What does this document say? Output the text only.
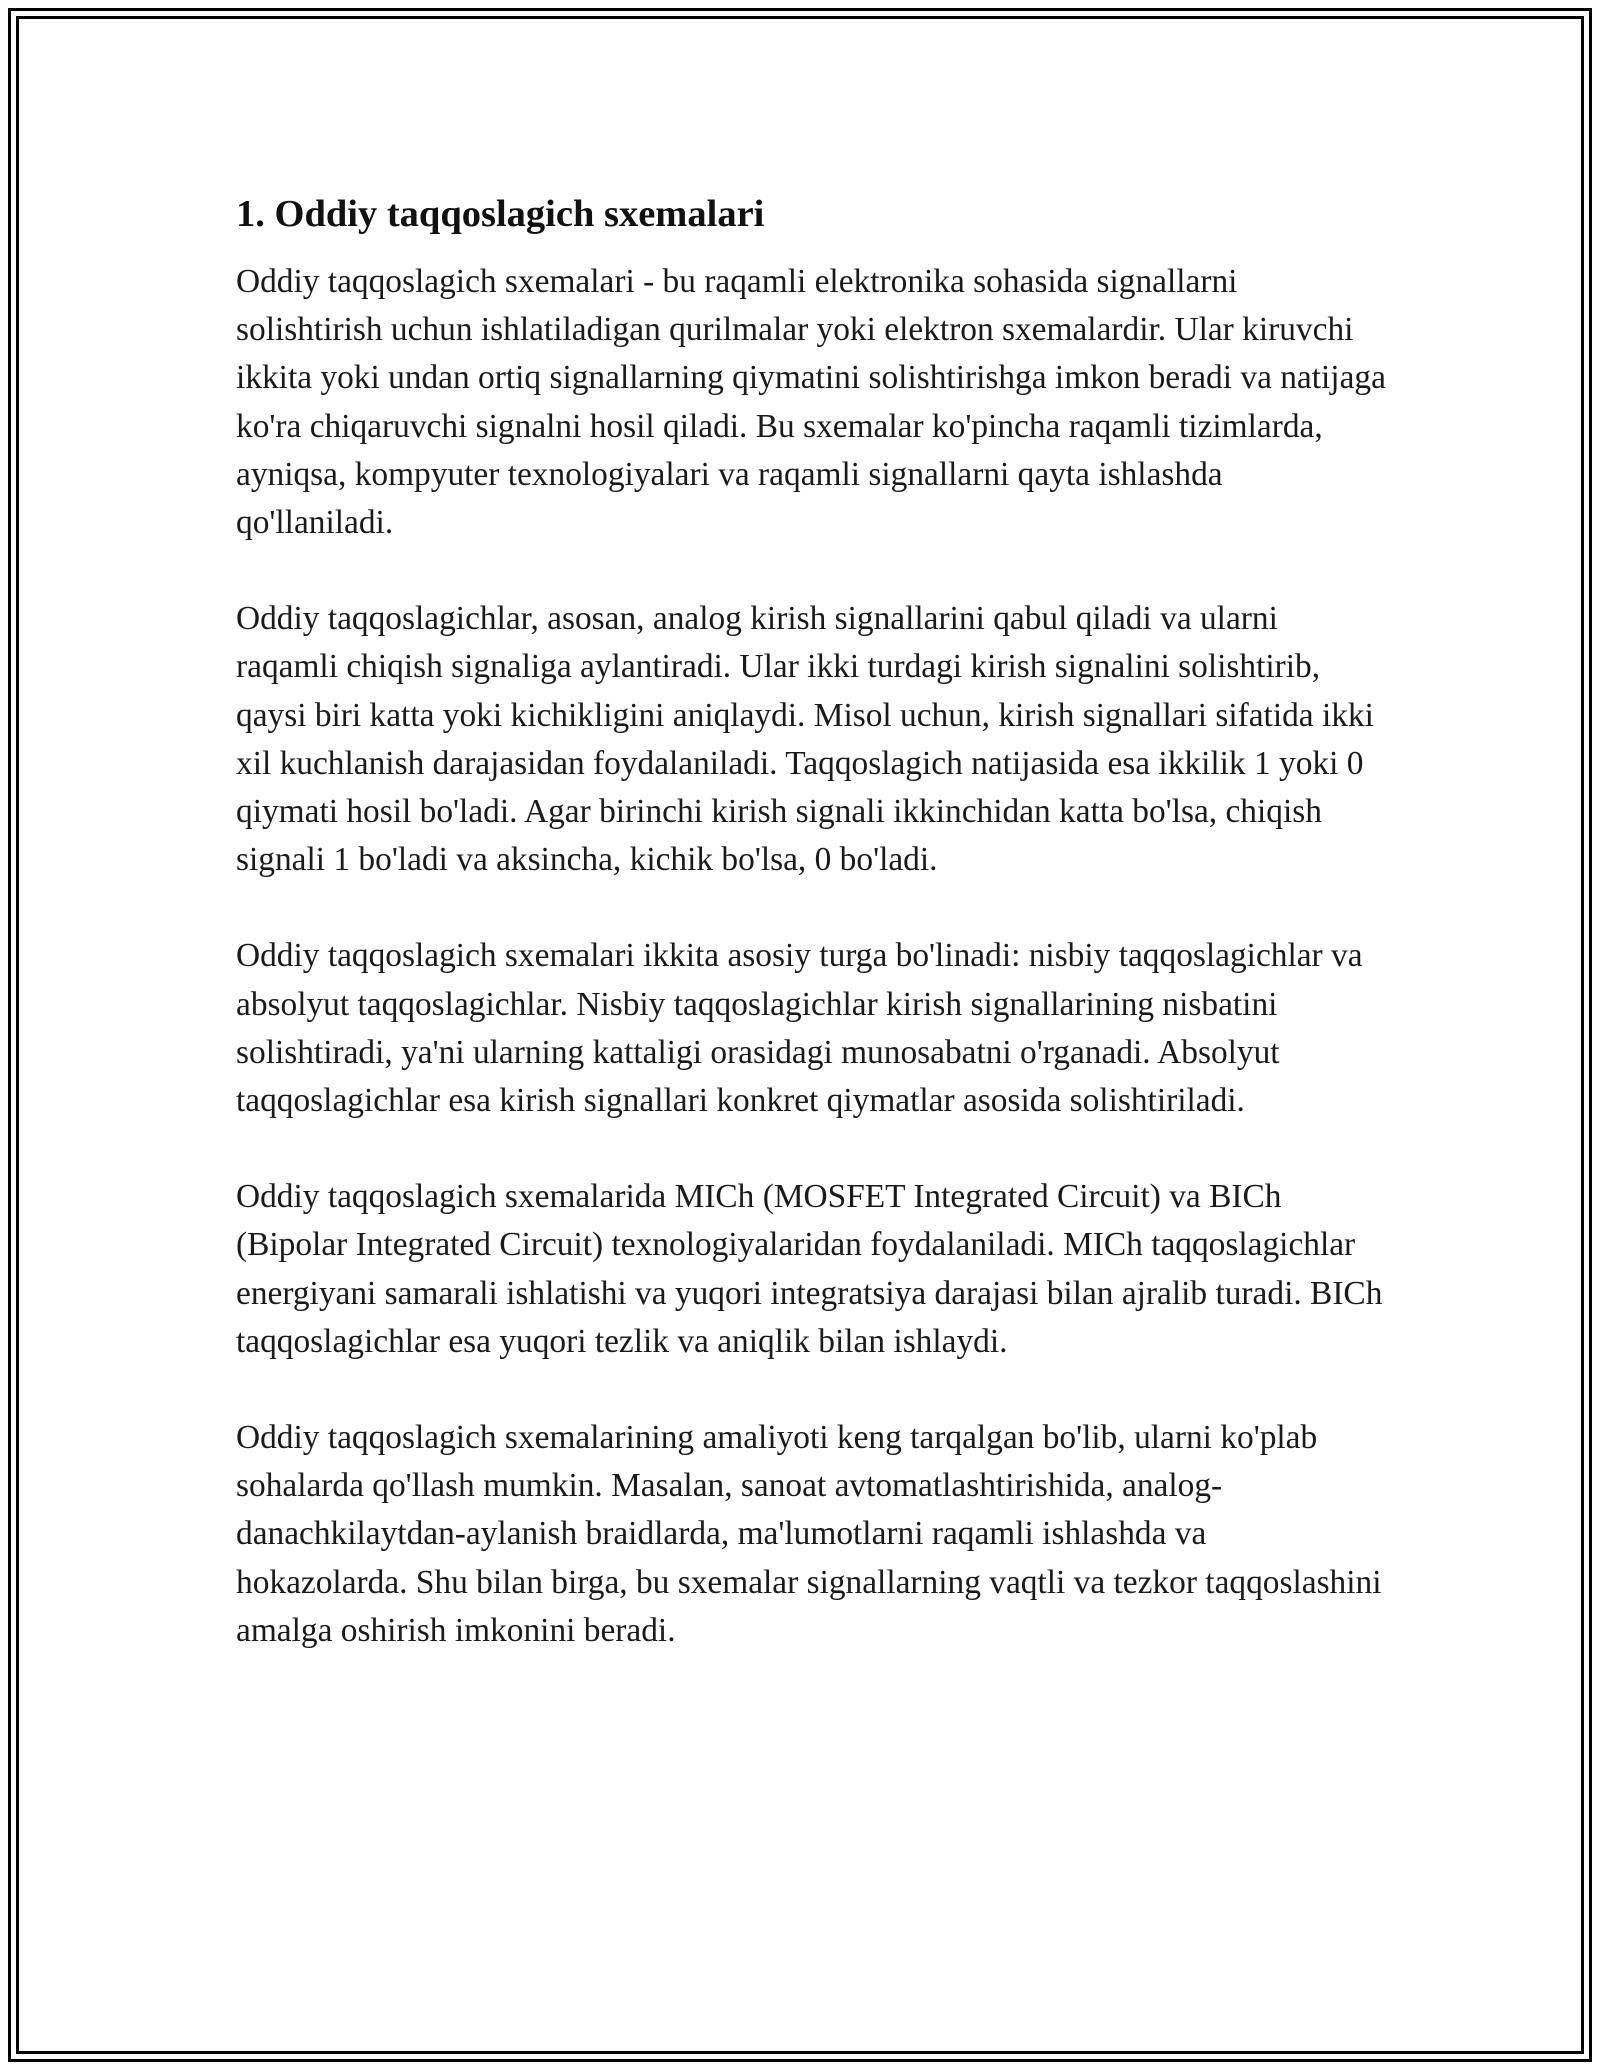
1. Oddiy taqqoslagich sxemalari

Oddiy taqqoslagich sxemalari - bu raqamli elektronika sohasida signallarni solishtirish uchun ishlatiladigan qurilmalar yoki elektron sxemalardir. Ular kiruvchi ikkita yoki undan ortiq signallarning qiymatini solishtirishga imkon beradi va natijaga ko'ra chiqaruvchi signalni hosil qiladi. Bu sxemalar ko'pincha raqamli tizimlarda, ayniqsa, kompyuter texnologiyalari va raqamli signallarni qayta ishlashda qo'llaniladi.

Oddiy taqqoslagichlar, asosan, analog kirish signallarini qabul qiladi va ularni raqamli chiqish signaliga aylantiradi. Ular ikki turdagi kirish signalini solishtirib, qaysi biri katta yoki kichikligini aniqlaydi. Misol uchun, kirish signallari sifatida ikki xil kuchlanish darajasidan foydalaniladi. Taqqoslagich natijasida esa ikkilik 1 yoki 0 qiymati hosil bo'ladi. Agar birinchi kirish signali ikkinchidan katta bo'lsa, chiqish signali 1 bo'ladi va aksincha, kichik bo'lsa, 0 bo'ladi.

Oddiy taqqoslagich sxemalari ikkita asosiy turga bo'linadi: nisbiy taqqoslagichlar va absolyut taqqoslagichlar. Nisbiy taqqoslagichlar kirish signallarining nisbatini solishtiradi, ya'ni ularning kattaligi orasidagi munosabatni o'rganadi. Absolyut taqqoslagichlar esa kirish signallari konkret qiymatlar asosida solishtiriladi.

Oddiy taqqoslagich sxemalarida MICh (MOSFET Integrated Circuit) va BICh (Bipolar Integrated Circuit) texnologiyalaridan foydalaniladi. MICh taqqoslagichlar energiyani samarali ishlatishi va yuqori integratsiya darajasi bilan ajralib turadi. BICh taqqoslagichlar esa yuqori tezlik va aniqlik bilan ishlaydi.

Oddiy taqqoslagich sxemalarining amaliyoti keng tarqalgan bo'lib, ularni ko'plab sohalarda qo'llash mumkin. Masalan, sanoat avtomatlashtirishida, analog-danachkilaytdan-aylanish braidlarda, ma'lumotlarni raqamli ishlashda va hokazolarda. Shu bilan birga, bu sxemalar signallarning vaqtli va tezkor taqqoslashini amalga oshirish imkonini beradi.
